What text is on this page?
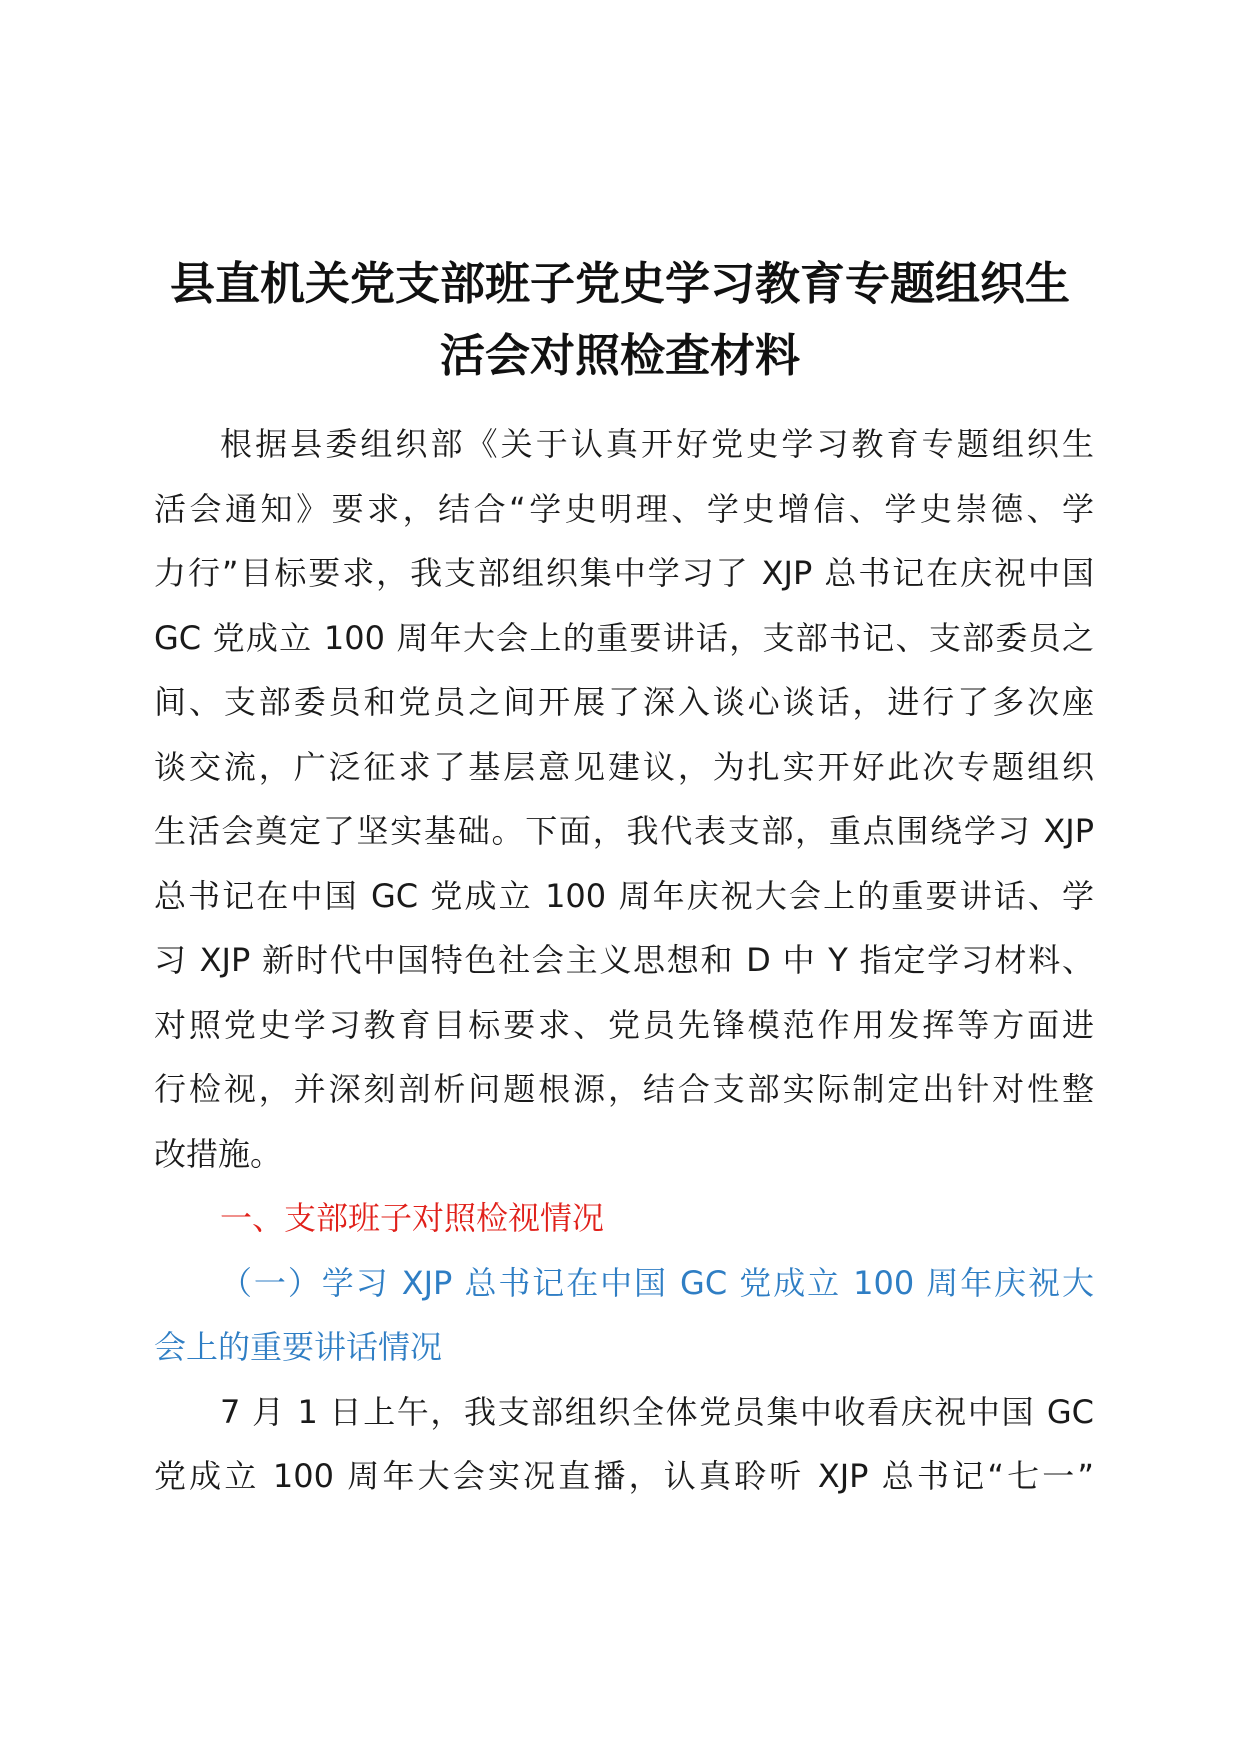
县直机关党支部班子党史学习教育专题组织生
活会对照检查材料
根据县委组织部《关于认真开好党史学习教育专题组织生
活会通知》要求，结合“学史明理、学史增信、学史崇德、学
力行”目标要求，我支部组织集中学习了 XJP 总书记在庆祝中国
GC 党成立 100 周年大会上的重要讲话，支部书记、支部委员之
间、支部委员和党员之间开展了深入谈心谈话，进行了多次座
谈交流，广泛征求了基层意见建议，为扎实开好此次专题组织
生活会奠定了坚实基础。下面，我代表支部，重点围绕学习 XJP
总书记在中国 GC 党成立 100 周年庆祝大会上的重要讲话、学
习 XJP 新时代中国特色社会主义思想和 D 中 Y 指定学习材料、
对照党史学习教育目标要求、党员先锋模范作用发挥等方面进
行检视，并深刻剖析问题根源，结合支部实际制定出针对性整
改措施。
一、支部班子对照检视情况
（一）学习 XJP 总书记在中国 GC 党成立 100 周年庆祝大
会上的重要讲话情况
7 月 1 日上午，我支部组织全体党员集中收看庆祝中国 GC
党成立 100 周年大会实况直播，认真聆听 XJP 总书记“七一”
